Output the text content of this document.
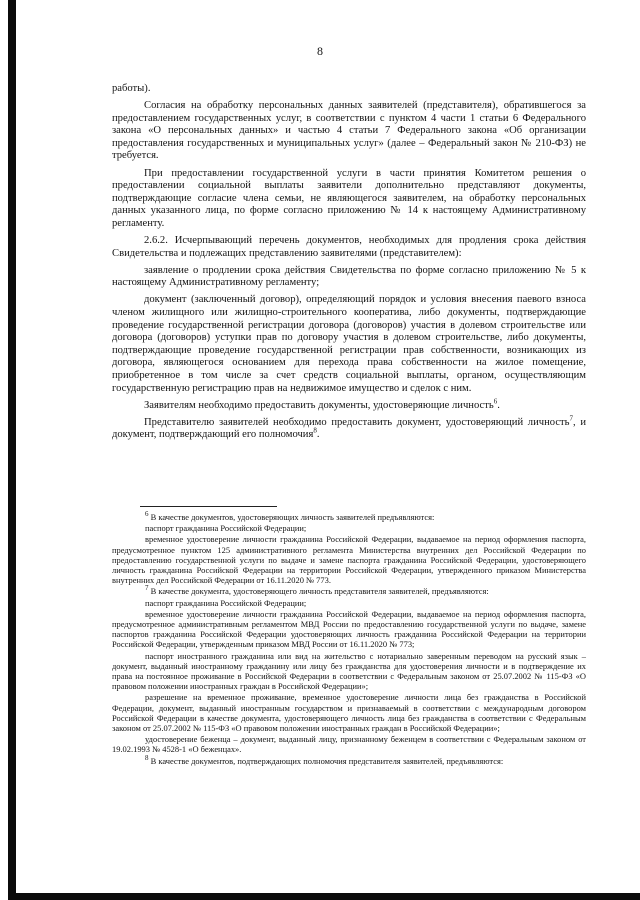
8

работы).

Согласия на обработку персональных данных заявителей (представителя), обратившегося за предоставлением государственных услуг, в соответствии с пунктом 4 части 1 статьи 6 Федерального закона «О персональных данных» и частью 4 статьи 7 Федерального закона «Об организации предоставления государственных и муниципальных услуг» (далее – Федеральный закон № 210-ФЗ) не требуется.

При предоставлении государственной услуги в части принятия Комитетом решения о предоставлении социальной выплаты заявители дополнительно представляют документы, подтверждающие согласие члена семьи, не являющегося заявителем, на обработку персональных данных указанного лица, по форме согласно приложению № 14 к настоящему Административному регламенту.

2.6.2. Исчерпывающий перечень документов, необходимых для продления срока действия Свидетельства и подлежащих представлению заявителями (представителем):

заявление о продлении срока действия Свидетельства по форме согласно приложению № 5 к настоящему Административному регламенту;

документ (заключенный договор), определяющий порядок и условия внесения паевого взноса членом жилищного или жилищно-строительного кооператива, либо документы, подтверждающие проведение государственной регистрации договора (договоров) участия в долевом строительстве или договора (договоров) уступки прав по договору участия в долевом строительстве, либо документы, подтверждающие проведение государственной регистрации прав собственности, возникающих из договора, являющегося основанием для перехода права собственности на жилое помещение, приобретенное в том числе за счет средств социальной выплаты, органом, осуществляющим государственную регистрацию прав на недвижимое имущество и сделок с ним.

Заявителям необходимо предоставить документы, удостоверяющие личность$^6$.

Представителю заявителей необходимо предоставить документ, удостоверяющий личность$^7$, и документ, подтверждающий его полномочия$^8$.

$^6$ В качестве документов, удостоверяющих личность заявителей предъявляются:

паспорт гражданина Российской Федерации;

временное удостоверение личности гражданина Российской Федерации, выдаваемое на период оформления паспорта, предусмотренное пунктом 125 административного регламента Министерства внутренних дел Российской Федерации по предоставлению государственной услуги по выдаче и замене паспорта гражданина Российской Федерации, удостоверяющего личность гражданина Российской Федерации на территории Российской Федерации, утвержденного приказом Министерства внутренних дел Российской Федерации от 16.11.2020 № 773.

$^7$ В качестве документа, удостоверяющего личность представителя заявителей, предъявляются:

паспорт гражданина Российской Федерации;

временное удостоверение личности гражданина Российской Федерации, выдаваемое на период оформления паспорта, предусмотренное административным регламентом МВД России по предоставлению государственной услуги по выдаче, замене паспортов гражданина Российской Федерации удостоверяющих личность гражданина Российской Федерации на территории Российской Федерации, утвержденным приказом МВД России от 16.11.2020 № 773;

паспорт иностранного гражданина или вид на жительство с нотариально заверенным переводом на русский язык – документ, выданный иностранному гражданину или лицу без гражданства для удостоверения личности и в подтверждение их права на постоянное проживание в Российской Федерации в соответствии с Федеральным законом от 25.07.2002 № 115-ФЗ «О правовом положении иностранных граждан в Российской Федерации»;

разрешение на временное проживание, временное удостоверение личности лица без гражданства в Российской Федерации, документ, выданный иностранным государством и признаваемый в соответствии с международным договором Российской Федерации в качестве документа, удостоверяющего личность лица без гражданства в соответствии с Федеральным законом от 25.07.2002 № 115-ФЗ «О правовом положении иностранных граждан в Российской Федерации»;

удостоверение беженца – документ, выданный лицу, признанному беженцем в соответствии с Федеральным законом от 19.02.1993 № 4528-1 «О беженцах».

$^8$ В качестве документов, подтверждающих полномочия представителя заявителей, предъявляются:
